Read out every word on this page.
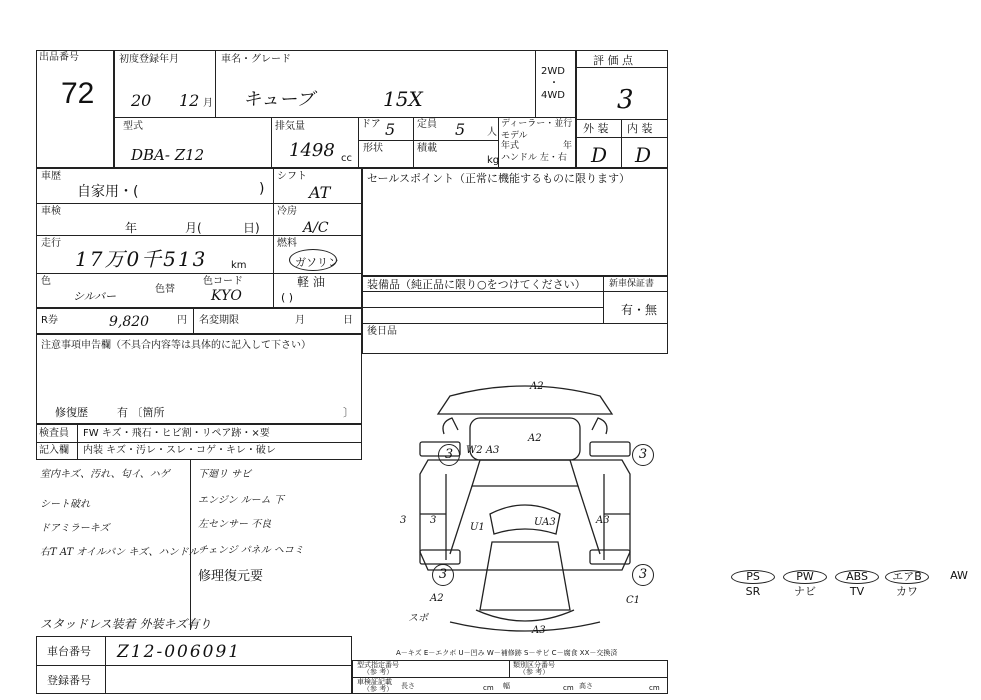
出品番号
72
初度登録年月
20 12 月
車名・グレード
キューブ	15X
2WD
4WD
・
評 価 点
3
外 装 内 装
D D
型式
DBA- Z12
排気量
1498 cc
ドア 5 定員 5 人
形状	積載
kg
ディーラー・並行
モデル
年式	年
ハンドル 左・右
車歴
自家用・(	)
シフト
AT
車検
年	月(	日)
冷房
A/C
走行
17万0千513 km
燃料
ガソリン
軽 油
( )
色
シルバー
色替
色コード
KYO
R券	9,820	円 名変期限	月	日
注意事項申告欄（不具合内容等は具体的に記入して下さい）
修復歴	有 〔箇所	〕
検査員 FW キズ・飛石・ヒビ割・リペア跡・×要
記入欄 内装 キズ・汚レ・スレ・コゲ・キレ・破レ
室内キズ、汚れ、匂イ、ハゲ
シート破れ
ドアミラーキズ
右T AT オイルパン キズ、ハンドル
下廻リ サビ
エンジン ルーム 下
左センサー 不良
チェンジ パネル ヘコミ
修理復元要
スタッドレス装着 外装キズ有り
セールスポイント（正常に機能するものに限ります）
装備品（純正品に限り○をつけてください）	新車保証書
有・無
PS	PW	ABS	エアB	AW
SR	ナビ	TV	カワ
後日品
A2
A2
3	3
W2 A3
3
3
U1	UA3	A3
3	3
A2	C1
A3
スポ
A－キズ E－エクボ U－凹み W－補修跡 S－サビ C－腐食 XX－交換済
車台番号 Z12-006091
登録番号
型式指定番号
（参 考）
類別区分番号
（参 考）
車検証記載
（参 考） 長さ	cm 幅	cm 高さ	cm
